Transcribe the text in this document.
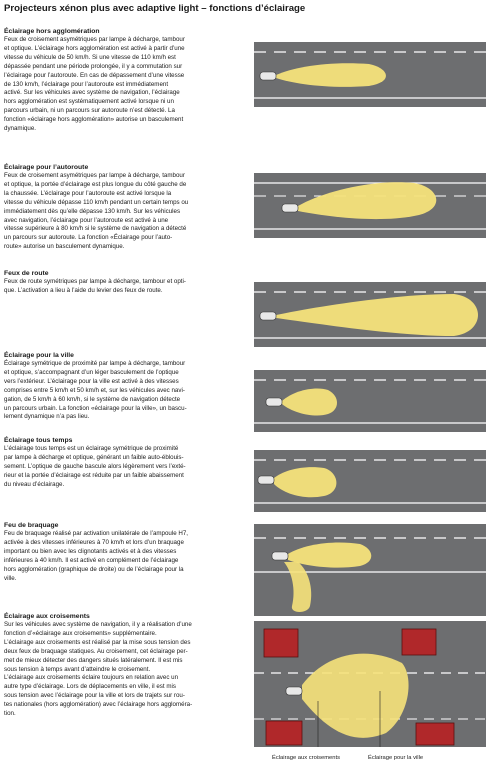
Projecteurs xénon plus avec adaptive light – fonctions d’éclairage

Éclairage hors agglomération

Feux de croisement asymétriques par lampe à décharge, tambour
et optique. L’éclairage hors agglomération est activé à partir d’une
vitesse du véhicule de 50 km/h. Si une vitesse de 110 km/h est
dépassée pendant une période prolongée, il y a commutation sur
l’éclairage pour l’autoroute. En cas de dépassement d’une vitesse
de 130 km/h, l’éclairage pour l’autoroute est immédiatement
activé. Sur les véhicules avec système de navigation, l’éclairage
hors agglomération est systématiquement activé lorsque ni un
parcours urbain, ni un parcours sur autoroute n’est détecté. La
fonction «éclairage hors agglomération» autorise un basculement
dynamique.

Éclairage pour l’autoroute

Feux de croisement asymétriques par lampe à décharge, tambour
et optique, la portée d’éclairage est plus longue du côté gauche de
la chaussée. L’éclairage pour l’autoroute est activé lorsque la
vitesse du véhicule dépasse 110 km/h pendant un certain temps ou
immédiatement dès qu’elle dépasse 130 km/h. Sur les véhicules
avec navigation, l’éclairage pour l’autoroute est activé à une
vitesse supérieure à 80 km/h si le système de navigation a détecté
un parcours sur autoroute. La fonction «Éclairage pour l’auto-
route» autorise un basculement dynamique.

Feux de route

Feux de route symétriques par lampe à décharge, tambour et opti-
que. L’activation a lieu à l’aide du levier des feux de route.

Éclairage pour la ville

Éclairage symétrique de proximité par lampe à décharge, tambour
et optique, s’accompagnant d’un léger basculement de l’optique
vers l’extérieur. L’éclairage pour la ville est activé à des vitesses
comprises entre 5 km/h et 50 km/h et, sur les véhicules avec navi-
gation, de 5 km/h à 60 km/h, si le système de navigation détecte
un parcours urbain. La fonction «éclairage pour la ville», un bascu-
lement dynamique n’a pas lieu.

Éclairage tous temps

L’éclairage tous temps est un éclairage symétrique de proximité
par lampe à décharge et optique, générant un faible auto-éblouis-
sement. L’optique de gauche bascule alors légèrement vers l’exté-
rieur et la portée d’éclairage est réduite par un faible abaissement
du niveau d’éclairage.

Feu de braquage

Feu de braquage réalisé par activation unilatérale de l’ampoule H7,
activée à des vitesses inférieures à 70 km/h et lors d’un braquage
important ou bien avec les clignotants activés et à des vitesses
inférieures à 40 km/h. Il est activé en complément de l’éclairage
hors agglomération (graphique de droite) ou de l’éclairage pour la
ville.

Éclairage aux croisements

Sur les véhicules avec système de navigation, il y a réalisation d’une
fonction d’«éclairage aux croisements» supplémentaire.
L’éclairage aux croisements est réalisé par la mise sous tension des
deux feux de braquage statiques. Au croisement, cet éclairage per-
met de mieux détecter des dangers situés latéralement. Il est mis
sous tension à temps avant d’atteindre le croisement.
L’éclairage aux croisements éclaire toujours en relation avec un
autre type d’éclairage. Lors de déplacements en ville, il est mis
sous tension avec l’éclairage pour la ville et lors de trajets sur rou-
tes nationales (hors agglomération) avec l’éclairage hors aggloméra-
tion.

Éclairage aux croisements	Éclairage pour la ville
